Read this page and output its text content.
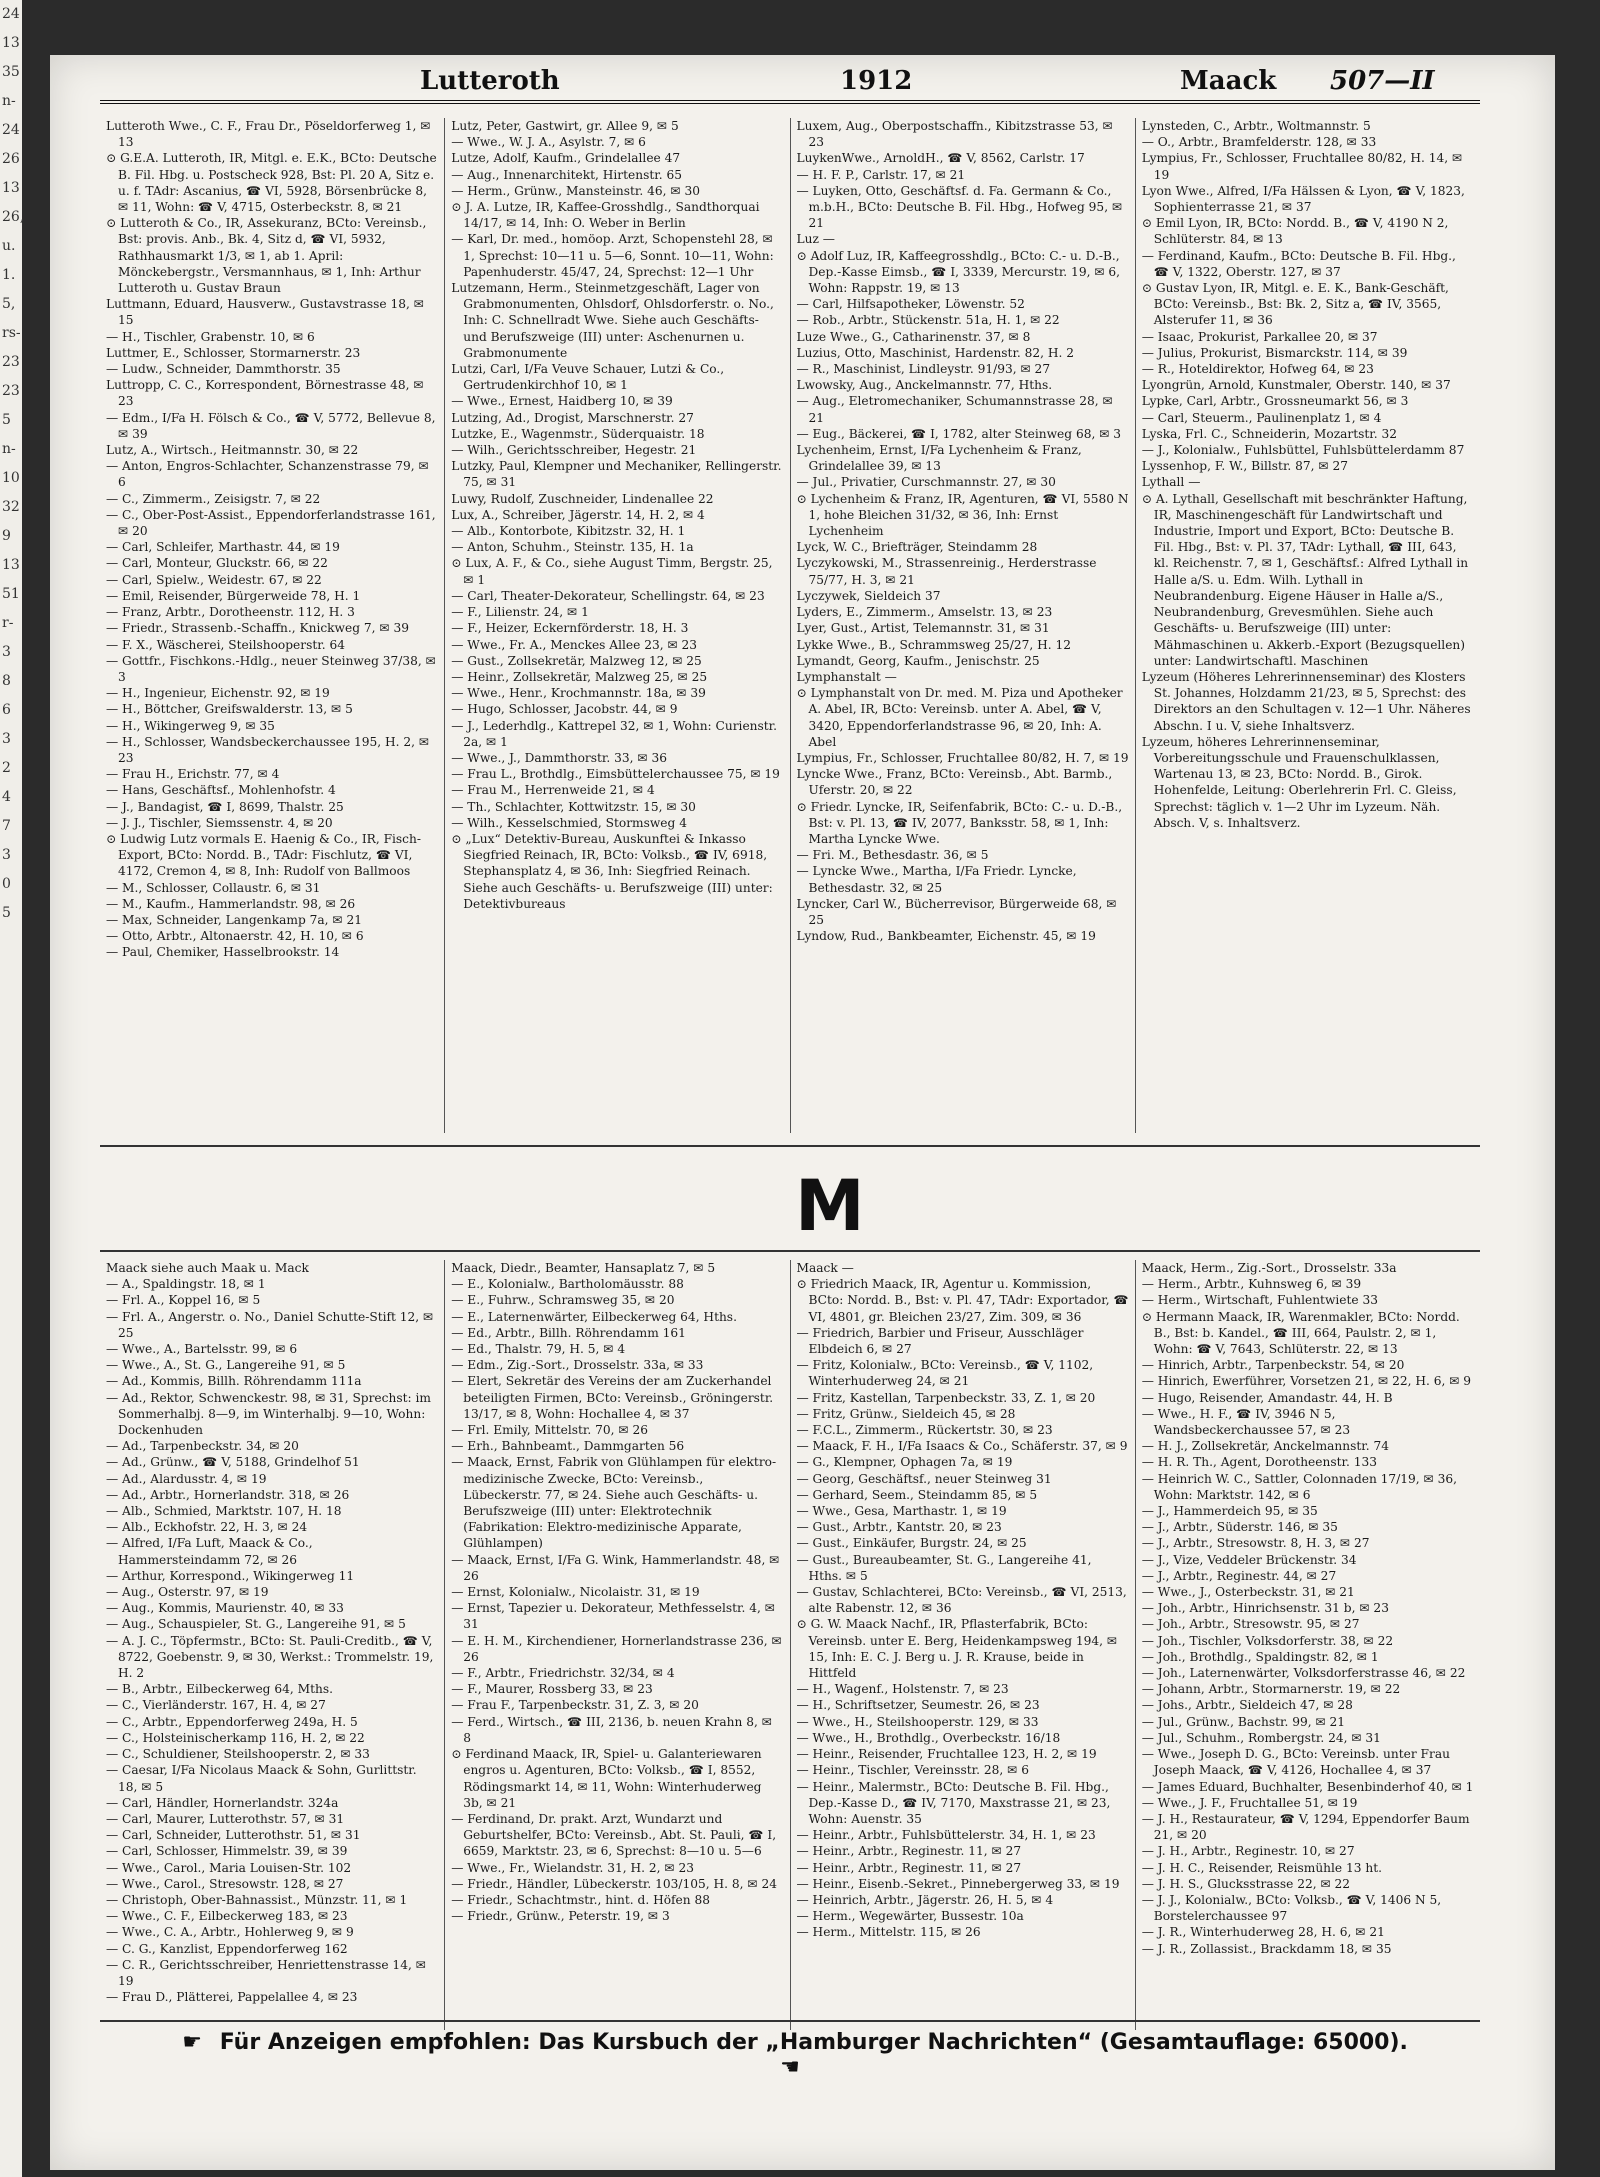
24
13
35
n-
24
26
13
26,
u.
1.
5,
rs-
23
23
5
n-
10
32
9
13
51
r-
3
8
6
3
2
4
7
3
0
5
Lutteroth	1912	Maack 507—II

Lutteroth Wwe., C. F., Frau Dr., Pöseldorferweg 1, ✉ 13

⊙ G.E.A. Lutteroth, IR, Mitgl. e. E.K., BCto: Deutsche B. Fil. Hbg. u. Postscheck 928, Bst: Pl. 20 A, Sitz e. u. f. TAdr: Ascanius, ☎ VI, 5928, Börsenbrücke 8, ✉ 11, Wohn: ☎ V, 4715, Osterbeckstr. 8, ✉ 21

⊙ Lutteroth & Co., IR, Assekuranz, BCto: Vereinsb., Bst: provis. Anb., Bk. 4, Sitz d, ☎ VI, 5932, Rathhausmarkt 1/3, ✉ 1, ab 1. April: Mönckebergstr., Versmannhaus, ✉ 1, Inh: Arthur Lutteroth u. Gustav Braun

Luttmann, Eduard, Hausverw., Gustavstrasse 18, ✉ 15

— H., Tischler, Grabenstr. 10, ✉ 6

Luttmer, E., Schlosser, Stormarnerstr. 23

— Ludw., Schneider, Dammthorstr. 35

Luttropp, C. C., Korrespondent, Börnestrasse 48, ✉ 23

— Edm., I/Fa H. Fölsch & Co., ☎ V, 5772, Bellevue 8, ✉ 39

Lutz, A., Wirtsch., Heitmannstr. 30, ✉ 22

— Anton, Engros-Schlachter, Schanzenstrasse 79, ✉ 6

— C., Zimmerm., Zeisigstr. 7, ✉ 22

— C., Ober-Post-Assist., Eppendorferlandstrasse 161, ✉ 20

— Carl, Schleifer, Marthastr. 44, ✉ 19

— Carl, Monteur, Gluckstr. 66, ✉ 22

— Carl, Spielw., Weidestr. 67, ✉ 22

— Emil, Reisender, Bürgerweide 78, H. 1

— Franz, Arbtr., Dorotheenstr. 112, H. 3

— Friedr., Strassenb.-Schaffn., Knickweg 7, ✉ 39

— F. X., Wäscherei, Steilshooperstr. 64

— Gottfr., Fischkons.-Hdlg., neuer Steinweg 37/38, ✉ 3

— H., Ingenieur, Eichenstr. 92, ✉ 19

— H., Böttcher, Greifswalderstr. 13, ✉ 5

— H., Wikingerweg 9, ✉ 35

— H., Schlosser, Wandsbeckerchaussee 195, H. 2, ✉ 23

— Frau H., Erichstr. 77, ✉ 4

— Hans, Geschäftsf., Mohlenhofstr. 4

— J., Bandagist, ☎ I, 8699, Thalstr. 25

— J. J., Tischler, Siemssenstr. 4, ✉ 20

⊙ Ludwig Lutz vormals E. Haenig & Co., IR, Fisch-Export, BCto: Nordd. B., TAdr: Fischlutz, ☎ VI, 4172, Cremon 4, ✉ 8, Inh: Rudolf von Ballmoos

— M., Schlosser, Collaustr. 6, ✉ 31

— M., Kaufm., Hammerlandstr. 98, ✉ 26

— Max, Schneider, Langenkamp 7a, ✉ 21

— Otto, Arbtr., Altonaerstr. 42, H. 10, ✉ 6

— Paul, Chemiker, Hasselbrookstr. 14

Lutz, Peter, Gastwirt, gr. Allee 9, ✉ 5

— Wwe., W. J. A., Asylstr. 7, ✉ 6

Lutze, Adolf, Kaufm., Grindelallee 47

— Aug., Innenarchitekt, Hirtenstr. 65

— Herm., Grünw., Mansteinstr. 46, ✉ 30

⊙ J. A. Lutze, IR, Kaffee-Grosshdlg., Sandthorquai 14/17, ✉ 14, Inh: O. Weber in Berlin

— Karl, Dr. med., homöop. Arzt, Schopenstehl 28, ✉ 1, Sprechst: 10—11 u. 5—6, Sonnt. 10—11, Wohn: Papenhuderstr. 45/47, 24, Sprechst: 12—1 Uhr

Lutzemann, Herm., Steinmetzgeschäft, Lager von Grabmonumenten, Ohlsdorf, Ohlsdorferstr. o. No., Inh: C. Schnellradt Wwe. Siehe auch Geschäfts- und Berufszweige (III) unter: Aschenurnen u. Grabmonumente

Lutzi, Carl, I/Fa Veuve Schauer, Lutzi & Co., Gertrudenkirchhof 10, ✉ 1

— Wwe., Ernest, Haidberg 10, ✉ 39

Lutzing, Ad., Drogist, Marschnerstr. 27

Lutzke, E., Wagenmstr., Süderquaistr. 18

— Wilh., Gerichtsschreiber, Hegestr. 21

Lutzky, Paul, Klempner und Mechaniker, Rellingerstr. 75, ✉ 31

Luwy, Rudolf, Zuschneider, Lindenallee 22

Lux, A., Schreiber, Jägerstr. 14, H. 2, ✉ 4

— Alb., Kontorbote, Kibitzstr. 32, H. 1

— Anton, Schuhm., Steinstr. 135, H. 1a

⊙ Lux, A. F., & Co., siehe August Timm, Bergstr. 25, ✉ 1

— Carl, Theater-Dekorateur, Schellingstr. 64, ✉ 23

— F., Lilienstr. 24, ✉ 1

— F., Heizer, Eckernförderstr. 18, H. 3

— Wwe., Fr. A., Menckes Allee 23, ✉ 23

— Gust., Zollsekretär, Malzweg 12, ✉ 25

— Heinr., Zollsekretär, Malzweg 25, ✉ 25

— Wwe., Henr., Krochmannstr. 18a, ✉ 39

— Hugo, Schlosser, Jacobstr. 44, ✉ 9

— J., Lederhdlg., Kattrepel 32, ✉ 1, Wohn: Curienstr. 2a, ✉ 1

— Wwe., J., Dammthorstr. 33, ✉ 36

— Frau L., Brothdlg., Eimsbüttelerchaussee 75, ✉ 19

— Frau M., Herrenweide 21, ✉ 4

— Th., Schlachter, Kottwitzstr. 15, ✉ 30

— Wilh., Kesselschmied, Stormsweg 4

⊙ „Lux“ Detektiv-Bureau, Auskunftei & Inkasso Siegfried Reinach, IR, BCto: Volksb., ☎ IV, 6918, Stephansplatz 4, ✉ 36, Inh: Siegfried Reinach. Siehe auch Geschäfts- u. Berufszweige (III) unter: Detektivbureaus

Luxem, Aug., Oberpostschaffn., Kibitzstrasse 53, ✉ 23

LuykenWwe., ArnoldH., ☎ V, 8562, Carlstr. 17

— H. F. P., Carlstr. 17, ✉ 21

— Luyken, Otto, Geschäftsf. d. Fa. Germann & Co., m.b.H., BCto: Deutsche B. Fil. Hbg., Hofweg 95, ✉ 21

Luz —

⊙ Adolf Luz, IR, Kaffeegrosshdlg., BCto: C.- u. D.-B., Dep.-Kasse Eimsb., ☎ I, 3339, Mercurstr. 19, ✉ 6, Wohn: Rappstr. 19, ✉ 13

— Carl, Hilfsapotheker, Löwenstr. 52

— Rob., Arbtr., Stückenstr. 51a, H. 1, ✉ 22

Luze Wwe., G., Catharinenstr. 37, ✉ 8

Luzius, Otto, Maschinist, Hardenstr. 82, H. 2

— R., Maschinist, Lindleystr. 91/93, ✉ 27

Lwowsky, Aug., Anckelmannstr. 77, Hths.

— Aug., Eletromechaniker, Schumannstrasse 28, ✉ 21

— Eug., Bäckerei, ☎ I, 1782, alter Steinweg 68, ✉ 3

Lychenheim, Ernst, I/Fa Lychenheim & Franz, Grindelallee 39, ✉ 13

— Jul., Privatier, Curschmannstr. 27, ✉ 30

⊙ Lychenheim & Franz, IR, Agenturen, ☎ VI, 5580 N 1, hohe Bleichen 31/32, ✉ 36, Inh: Ernst Lychenheim

Lyck, W. C., Briefträger, Steindamm 28

Lyczykowski, M., Strassenreinig., Herderstrasse 75/77, H. 3, ✉ 21

Lyczywek, Sieldeich 37

Lyders, E., Zimmerm., Amselstr. 13, ✉ 23

Lyer, Gust., Artist, Telemannstr. 31, ✉ 31

Lykke Wwe., B., Schrammsweg 25/27, H. 12

Lymandt, Georg, Kaufm., Jenischstr. 25

Lymphanstalt —

⊙ Lymphanstalt von Dr. med. M. Piza und Apotheker A. Abel, IR, BCto: Vereinsb. unter A. Abel, ☎ V, 3420, Eppendorferlandstrasse 96, ✉ 20, Inh: A. Abel

Lympius, Fr., Schlosser, Fruchtallee 80/82, H. 7, ✉ 19

Lyncke Wwe., Franz, BCto: Vereinsb., Abt. Barmb., Uferstr. 20, ✉ 22

⊙ Friedr. Lyncke, IR, Seifenfabrik, BCto: C.- u. D.-B., Bst: v. Pl. 13, ☎ IV, 2077, Banksstr. 58, ✉ 1, Inh: Martha Lyncke Wwe.

— Fri. M., Bethesdastr. 36, ✉ 5

— Lyncke Wwe., Martha, I/Fa Friedr. Lyncke, Bethesdastr. 32, ✉ 25

Lyncker, Carl W., Bücherrevisor, Bürgerweide 68, ✉ 25

Lyndow, Rud., Bankbeamter, Eichenstr. 45, ✉ 19

Lynsteden, C., Arbtr., Woltmannstr. 5

— O., Arbtr., Bramfelderstr. 128, ✉ 33

Lympius, Fr., Schlosser, Fruchtallee 80/82, H. 14, ✉ 19

Lyon Wwe., Alfred, I/Fa Hälssen & Lyon, ☎ V, 1823, Sophienterrasse 21, ✉ 37

⊙ Emil Lyon, IR, BCto: Nordd. B., ☎ V, 4190 N 2, Schlüterstr. 84, ✉ 13

— Ferdinand, Kaufm., BCto: Deutsche B. Fil. Hbg., ☎ V, 1322, Oberstr. 127, ✉ 37

⊙ Gustav Lyon, IR, Mitgl. e. E. K., Bank-Geschäft, BCto: Vereinsb., Bst: Bk. 2, Sitz a, ☎ IV, 3565, Alsterufer 11, ✉ 36

— Isaac, Prokurist, Parkallee 20, ✉ 37

— Julius, Prokurist, Bismarckstr. 114, ✉ 39

— R., Hoteldirektor, Hofweg 64, ✉ 23

Lyongrün, Arnold, Kunstmaler, Oberstr. 140, ✉ 37

Lypke, Carl, Arbtr., Grossneumarkt 56, ✉ 3

— Carl, Steuerm., Paulinenplatz 1, ✉ 4

Lyska, Frl. C., Schneiderin, Mozartstr. 32

— J., Kolonialw., Fuhlsbüttel, Fuhlsbüttelerdamm 87

Lyssenhop, F. W., Billstr. 87, ✉ 27

Lythall —

⊙ A. Lythall, Gesellschaft mit beschränkter Haftung, IR, Maschinengeschäft für Landwirtschaft und Industrie, Import und Export, BCto: Deutsche B. Fil. Hbg., Bst: v. Pl. 37, TAdr: Lythall, ☎ III, 643, kl. Reichenstr. 7, ✉ 1, Geschäftsf.: Alfred Lythall in Halle a/S. u. Edm. Wilh. Lythall in Neubrandenburg. Eigene Häuser in Halle a/S., Neubrandenburg, Grevesmühlen. Siehe auch Geschäfts- u. Berufszweige (III) unter: Mähmaschinen u. Akkerb.-Export (Bezugsquellen) unter: Landwirtschaftl. Maschinen

Lyzeum (Höheres Lehrerinnenseminar) des Klosters St. Johannes, Holzdamm 21/23, ✉ 5, Sprechst: des Direktors an den Schultagen v. 12—1 Uhr. Näheres Abschn. I u. V, siehe Inhaltsverz.

Lyzeum, höheres Lehrerinnenseminar, Vorbereitungsschule und Frauenschulklassen, Wartenau 13, ✉ 23, BCto: Nordd. B., Girok. Hohenfelde, Leitung: Oberlehrerin Frl. C. Gleiss, Sprechst: täglich v. 1—2 Uhr im Lyzeum. Näh. Absch. V, s. Inhaltsverz.

M

Maack siehe auch Maak u. Mack

— A., Spaldingstr. 18, ✉ 1

— Frl. A., Koppel 16, ✉ 5

— Frl. A., Angerstr. o. No., Daniel Schutte-Stift 12, ✉ 25

— Wwe., A., Bartelsstr. 99, ✉ 6

— Wwe., A., St. G., Langereihe 91, ✉ 5

— Ad., Kommis, Billh. Röhrendamm 111a

— Ad., Rektor, Schwenckestr. 98, ✉ 31, Sprechst: im Sommerhalbj. 8—9, im Winterhalbj. 9—10, Wohn: Dockenhuden

— Ad., Tarpenbeckstr. 34, ✉ 20

— Ad., Grünw., ☎ V, 5188, Grindelhof 51

— Ad., Alardusstr. 4, ✉ 19

— Ad., Arbtr., Hornerlandstr. 318, ✉ 26

— Alb., Schmied, Marktstr. 107, H. 18

— Alb., Eckhofstr. 22, H. 3, ✉ 24

— Alfred, I/Fa Luft, Maack & Co., Hammersteindamm 72, ✉ 26

— Arthur, Korrespond., Wikingerweg 11

— Aug., Osterstr. 97, ✉ 19

— Aug., Kommis, Maurienstr. 40, ✉ 33

— Aug., Schauspieler, St. G., Langereihe 91, ✉ 5

— A. J. C., Töpfermstr., BCto: St. Pauli-Creditb., ☎ V, 8722, Goebenstr. 9, ✉ 30, Werkst.: Trommelstr. 19, H. 2

— B., Arbtr., Eilbeckerweg 64, Mths.

— C., Vierländerstr. 167, H. 4, ✉ 27

— C., Arbtr., Eppendorferweg 249a, H. 5

— C., Holsteinischerkamp 116, H. 2, ✉ 22

— C., Schuldiener, Steilshooperstr. 2, ✉ 33

— Caesar, I/Fa Nicolaus Maack & Sohn, Gurlittstr. 18, ✉ 5

— Carl, Händler, Hornerlandstr. 324a

— Carl, Maurer, Lutterothstr. 57, ✉ 31

— Carl, Schneider, Lutterothstr. 51, ✉ 31

— Carl, Schlosser, Himmelstr. 39, ✉ 39

— Wwe., Carol., Maria Louisen-Str. 102

— Wwe., Carol., Stresowstr. 128, ✉ 27

— Christoph, Ober-Bahnassist., Münzstr. 11, ✉ 1

— Wwe., C. F., Eilbeckerweg 183, ✉ 23

— Wwe., C. A., Arbtr., Hohlerweg 9, ✉ 9

— C. G., Kanzlist, Eppendorferweg 162

— C. R., Gerichtsschreiber, Henriettenstrasse 14, ✉ 19

— Frau D., Plätterei, Pappelallee 4, ✉ 23

Maack, Diedr., Beamter, Hansaplatz 7, ✉ 5

— E., Kolonialw., Bartholomäusstr. 88

— E., Fuhrw., Schramsweg 35, ✉ 20

— E., Laternenwärter, Eilbeckerweg 64, Hths.

— Ed., Arbtr., Billh. Röhrendamm 161

— Ed., Thalstr. 79, H. 5, ✉ 4

— Edm., Zig.-Sort., Drosselstr. 33a, ✉ 33

— Elert, Sekretär des Vereins der am Zuckerhandel beteiligten Firmen, BCto: Vereinsb., Gröningerstr. 13/17, ✉ 8, Wohn: Hochallee 4, ✉ 37

— Frl. Emily, Mittelstr. 70, ✉ 26

— Erh., Bahnbeamt., Dammgarten 56

— Maack, Ernst, Fabrik von Glühlampen für elektro-medizinische Zwecke, BCto: Vereinsb., Lübeckerstr. 77, ✉ 24. Siehe auch Geschäfts- u. Berufszweige (III) unter: Elektrotechnik (Fabrikation: Elektro-medizinische Apparate, Glühlampen)

— Maack, Ernst, I/Fa G. Wink, Hammerlandstr. 48, ✉ 26

— Ernst, Kolonialw., Nicolaistr. 31, ✉ 19

— Ernst, Tapezier u. Dekorateur, Methfesselstr. 4, ✉ 31

— E. H. M., Kirchendiener, Hornerlandstrasse 236, ✉ 26

— F., Arbtr., Friedrichstr. 32/34, ✉ 4

— F., Maurer, Rossberg 33, ✉ 23

— Frau F., Tarpenbeckstr. 31, Z. 3, ✉ 20

— Ferd., Wirtsch., ☎ III, 2136, b. neuen Krahn 8, ✉ 8

⊙ Ferdinand Maack, IR, Spiel- u. Galanteriewaren engros u. Agenturen, BCto: Volksb., ☎ I, 8552, Rödingsmarkt 14, ✉ 11, Wohn: Winterhuderweg 3b, ✉ 21

— Ferdinand, Dr. prakt. Arzt, Wundarzt und Geburtshelfer, BCto: Vereinsb., Abt. St. Pauli, ☎ I, 6659, Marktstr. 23, ✉ 6, Sprechst: 8—10 u. 5—6

— Wwe., Fr., Wielandstr. 31, H. 2, ✉ 23

— Friedr., Händler, Lübeckerstr. 103/105, H. 8, ✉ 24

— Friedr., Schachtmstr., hint. d. Höfen 88

— Friedr., Grünw., Peterstr. 19, ✉ 3

Maack —

⊙ Friedrich Maack, IR, Agentur u. Kommission, BCto: Nordd. B., Bst: v. Pl. 47, TAdr: Exportador, ☎ VI, 4801, gr. Bleichen 23/27, Zim. 309, ✉ 36

— Friedrich, Barbier und Friseur, Ausschläger Elbdeich 6, ✉ 27

— Fritz, Kolonialw., BCto: Vereinsb., ☎ V, 1102, Winterhuderweg 24, ✉ 21

— Fritz, Kastellan, Tarpenbeckstr. 33, Z. 1, ✉ 20

— Fritz, Grünw., Sieldeich 45, ✉ 28

— F.C.L., Zimmerm., Rückertstr. 30, ✉ 23

— Maack, F. H., I/Fa Isaacs & Co., Schäferstr. 37, ✉ 9

— G., Klempner, Ophagen 7a, ✉ 19

— Georg, Geschäftsf., neuer Steinweg 31

— Gerhard, Seem., Steindamm 85, ✉ 5

— Wwe., Gesa, Marthastr. 1, ✉ 19

— Gust., Arbtr., Kantstr. 20, ✉ 23

— Gust., Einkäufer, Burgstr. 24, ✉ 25

— Gust., Bureaubeamter, St. G., Langereihe 41, Hths. ✉ 5

— Gustav, Schlachterei, BCto: Vereinsb., ☎ VI, 2513, alte Rabenstr. 12, ✉ 36

⊙ G. W. Maack Nachf., IR, Pflasterfabrik, BCto: Vereinsb. unter E. Berg, Heidenkampsweg 194, ✉ 15, Inh: E. C. J. Berg u. J. R. Krause, beide in Hittfeld

— H., Wagenf., Holstenstr. 7, ✉ 23

— H., Schriftsetzer, Seumestr. 26, ✉ 23

— Wwe., H., Steilshooperstr. 129, ✉ 33

— Wwe., H., Brothdlg., Overbeckstr. 16/18

— Heinr., Reisender, Fruchtallee 123, H. 2, ✉ 19

— Heinr., Tischler, Vereinsstr. 28, ✉ 6

— Heinr., Malermstr., BCto: Deutsche B. Fil. Hbg., Dep.-Kasse D., ☎ IV, 7170, Maxstrasse 21, ✉ 23, Wohn: Auenstr. 35

— Heinr., Arbtr., Fuhlsbüttelerstr. 34, H. 1, ✉ 23

— Heinr., Arbtr., Reginestr. 11, ✉ 27

— Heinr., Arbtr., Reginestr. 11, ✉ 27

— Heinr., Eisenb.-Sekret., Pinnebergerweg 33, ✉ 19

— Heinrich, Arbtr., Jägerstr. 26, H. 5, ✉ 4

— Herm., Wegewärter, Bussestr. 10a

— Herm., Mittelstr. 115, ✉ 26

Maack, Herm., Zig.-Sort., Drosselstr. 33a

— Herm., Arbtr., Kuhnsweg 6, ✉ 39

— Herm., Wirtschaft, Fuhlentwiete 33

⊙ Hermann Maack, IR, Warenmakler, BCto: Nordd. B., Bst: b. Kandel., ☎ III, 664, Paulstr. 2, ✉ 1, Wohn: ☎ V, 7643, Schlüterstr. 22, ✉ 13

— Hinrich, Arbtr., Tarpenbeckstr. 54, ✉ 20

— Hinrich, Ewerführer, Vorsetzen 21, ✉ 22, H. 6, ✉ 9

— Hugo, Reisender, Amandastr. 44, H. B

— Wwe., H. F., ☎ IV, 3946 N 5, Wandsbeckerchaussee 57, ✉ 23

— H. J., Zollsekretär, Anckelmannstr. 74

— H. R. Th., Agent, Dorotheenstr. 133

— Heinrich W. C., Sattler, Colonnaden 17/19, ✉ 36, Wohn: Marktstr. 142, ✉ 6

— J., Hammerdeich 95, ✉ 35

— J., Arbtr., Süderstr. 146, ✉ 35

— J., Arbtr., Stresowstr. 8, H. 3, ✉ 27

— J., Vize, Veddeler Brückenstr. 34

— J., Arbtr., Reginestr. 44, ✉ 27

— Wwe., J., Osterbeckstr. 31, ✉ 21

— Joh., Arbtr., Hinrichsenstr. 31 b, ✉ 23

— Joh., Arbtr., Stresowstr. 95, ✉ 27

— Joh., Tischler, Volksdorferstr. 38, ✉ 22

— Joh., Brothdlg., Spaldingstr. 82, ✉ 1

— Joh., Laternenwärter, Volksdorferstrasse 46, ✉ 22

— Johann, Arbtr., Stormarnerstr. 19, ✉ 22

— Johs., Arbtr., Sieldeich 47, ✉ 28

— Jul., Grünw., Bachstr. 99, ✉ 21

— Jul., Schuhm., Rombergstr. 24, ✉ 31

— Wwe., Joseph D. G., BCto: Vereinsb. unter Frau Joseph Maack, ☎ V, 4126, Hochallee 4, ✉ 37

— James Eduard, Buchhalter, Besenbinderhof 40, ✉ 1

— Wwe., J. F., Fruchtallee 51, ✉ 19

— J. H., Restaurateur, ☎ V, 1294, Eppendorfer Baum 21, ✉ 20

— J. H., Arbtr., Reginestr. 10, ✉ 27

— J. H. C., Reisender, Reismühle 13 ht.

— J. H. S., Glucksstrasse 22, ✉ 22

— J. J., Kolonialw., BCto: Volksb., ☎ V, 1406 N 5, Borstelerchaussee 97

— J. R., Winterhuderweg 28, H. 6, ✉ 21

— J. R., Zollassist., Brackdamm 18, ✉ 35

☛ Für Anzeigen empfohlen: Das Kursbuch der „Hamburger Nachrichten“ (Gesamtauflage: 65000). ☚
